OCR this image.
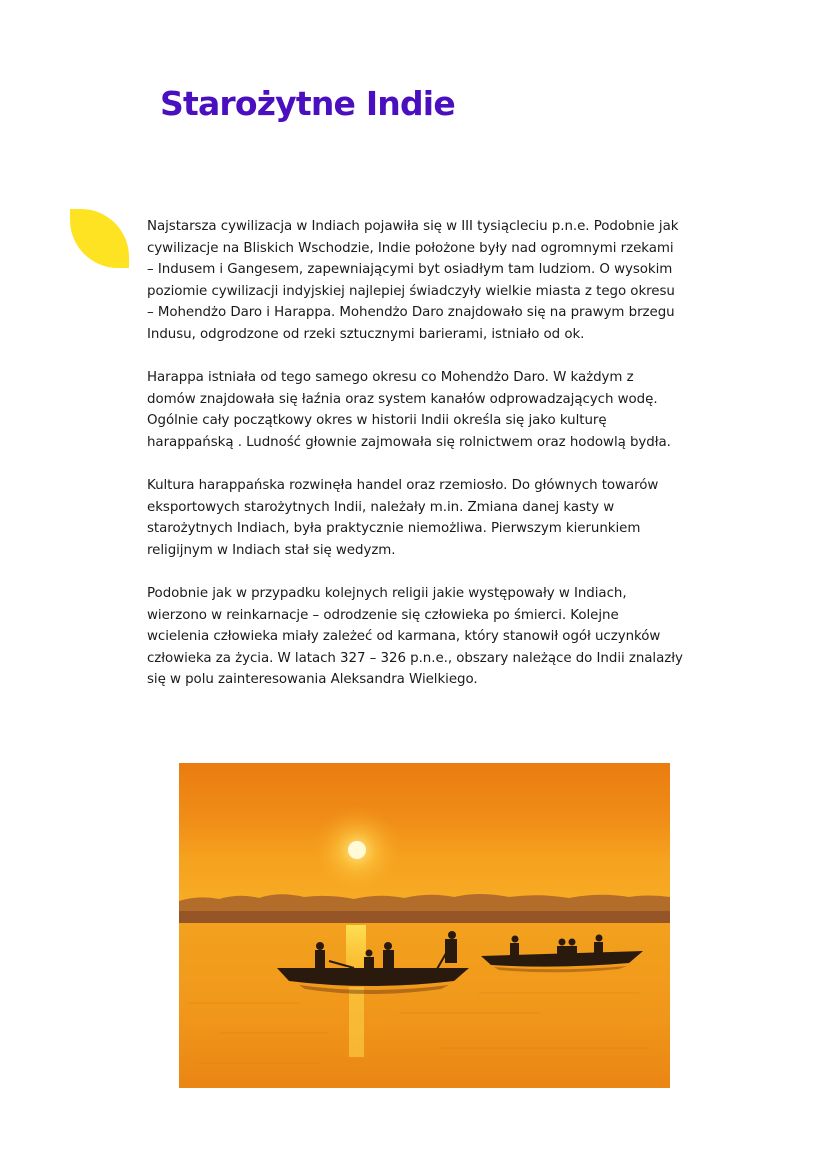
Starożytne Indie

Najstarsza cywilizacja w Indiach pojawiła się w III tysiącleciu p.n.e. Podobnie jak
cywilizacje na Bliskich Wschodzie, Indie położone były nad ogromnymi rzekami
– Indusem i Gangesem, zapewniającymi byt osiadłym tam ludziom. O wysokim
poziomie cywilizacji indyjskiej najlepiej świadczyły wielkie miasta z tego okresu
– Mohendżo Daro i Harappa. Mohendżo Daro znajdowało się na prawym brzegu
Indusu, odgrodzone od rzeki sztucznymi barierami, istniało od ok.

Harappa istniała od tego samego okresu co Mohendżo Daro. W każdym z
domów znajdowała się łaźnia oraz system kanałów odprowadzających wodę.
Ogólnie cały początkowy okres w historii Indii określa się jako kulturę
harappańską . Ludność głownie zajmowała się rolnictwem oraz hodowlą bydła.

Kultura harappańska rozwinęła handel oraz rzemiosło. Do głównych towarów
eksportowych starożytnych Indii, należały m.in. Zmiana danej kasty w
starożytnych Indiach, była praktycznie niemożliwa. Pierwszym kierunkiem
religijnym w Indiach stał się wedyzm.

Podobnie jak w przypadku kolejnych religii jakie występowały w Indiach,
wierzono w reinkarnacje – odrodzenie się człowieka po śmierci. Kolejne
wcielenia człowieka miały zależeć od karmana, który stanowił ogół uczynków
człowieka za życia. W latach 327 – 326 p.n.e., obszary należące do Indii znalazły
się w polu zainteresowania Aleksandra Wielkiego.
